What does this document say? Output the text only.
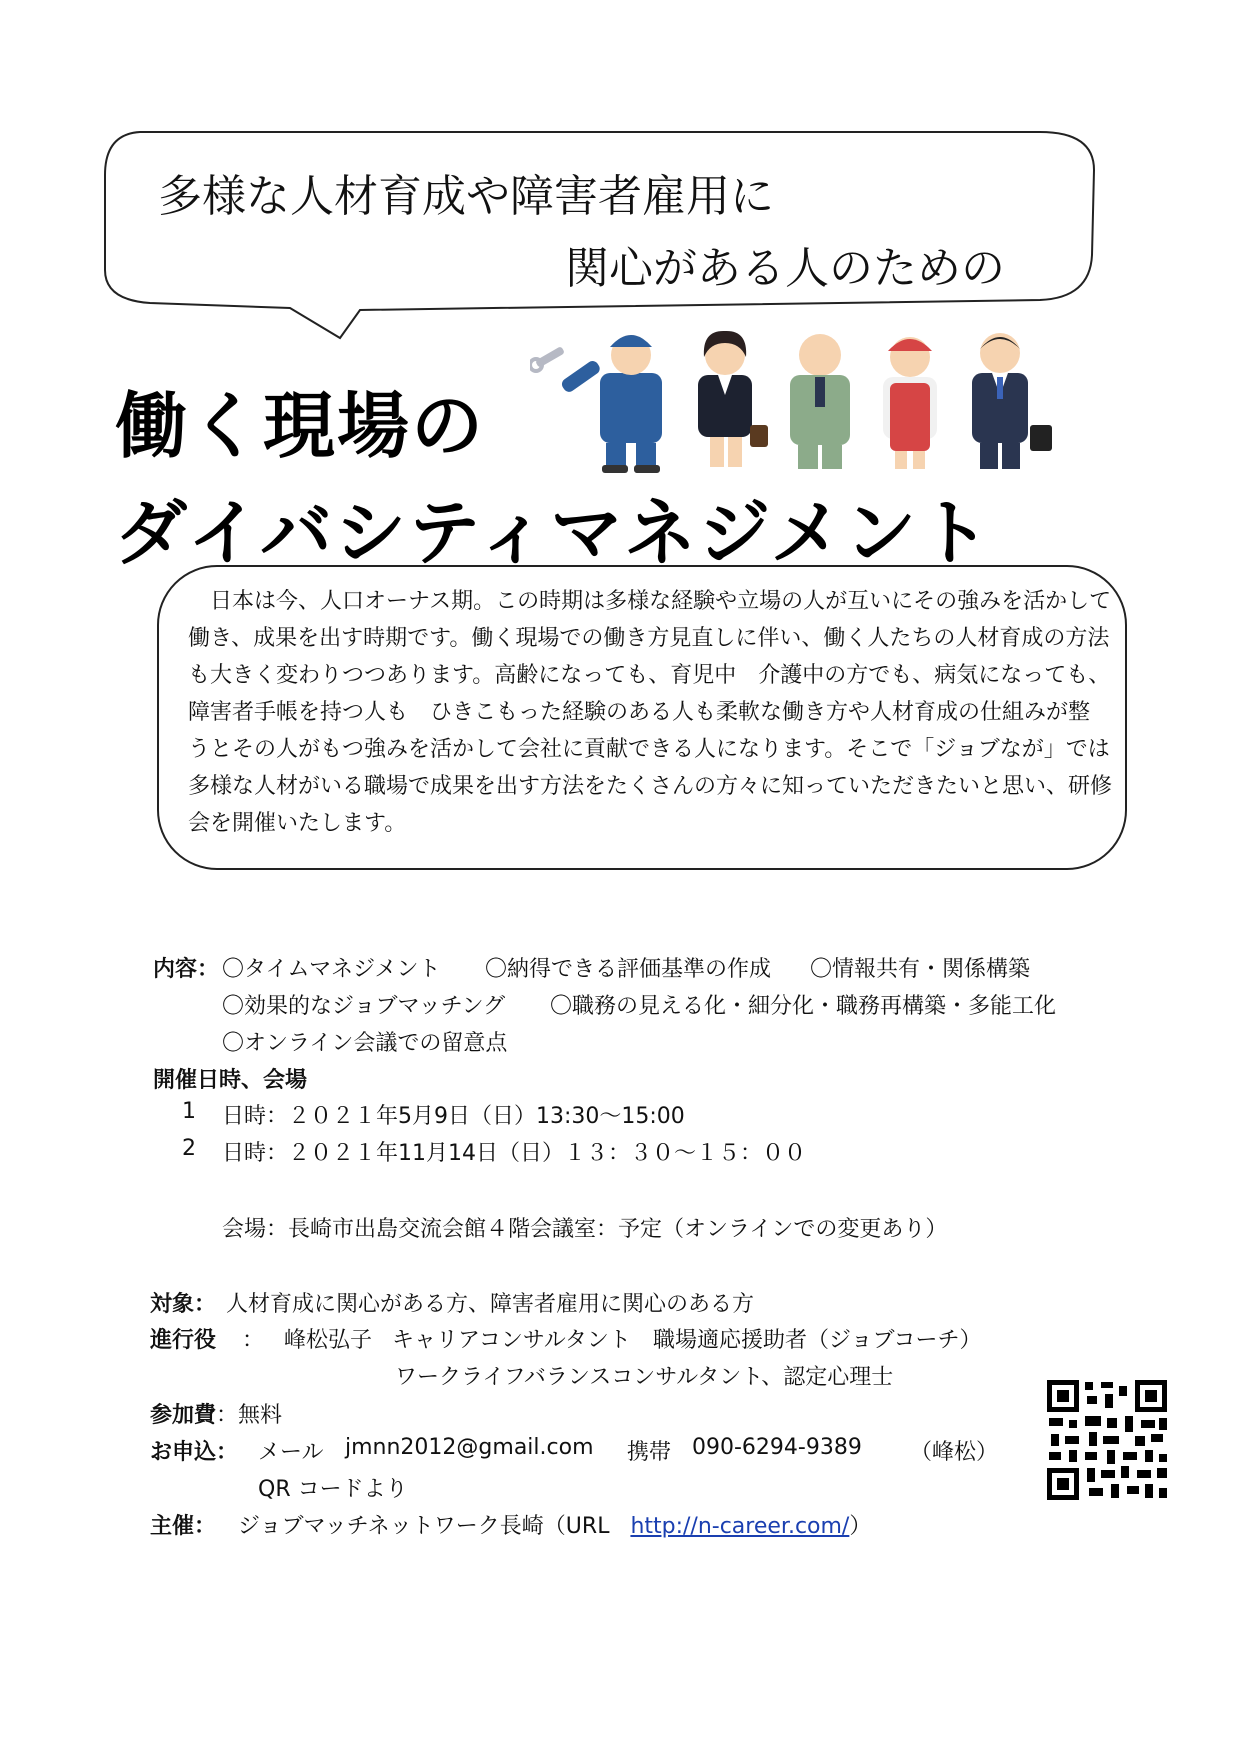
多様な人材育成や障害者雇用に
関心がある人のための
働く現場の
ダイバシティマネジメント
　日本は今、人口オーナス期。この時期は多様な経験や立場の人が互いにその強みを活かして
働き、成果を出す時期です。働く現場での働き方見直しに伴い、働く人たちの人材育成の方法
も大きく変わりつつあります。高齢になっても、育児中　介護中の方でも、病気になっても、
障害者手帳を持つ人も　ひきこもった経験のある人も柔軟な働き方や人材育成の仕組みが整
うとその人がもつ強みを活かして会社に貢献できる人になります。そこで「ジョブなが」では
多様な人材がいる職場で成果を出す方法をたくさんの方々に知っていただきたいと思い、研修
会を開催いたします。
内容： 〇タイムマネジメント 〇納得できる評価基準の作成 〇情報共有・関係構築
〇効果的なジョブマッチング 〇職務の見える化・細分化・職務再構築・多能工化
〇オンライン会議での留意点
開催日時、会場
1 日時：２０２１年5月9日（日）13:30～15:00
2 日時：２０２１年11月14日（日）１３：３０～１５：００
会場：長崎市出島交流会館４階会議室：予定（オンラインでの変更あり）
対象： 人材育成に関心がある方、障害者雇用に関心のある方
進行役 ： 峰松弘子 キャリアコンサルタント 職場適応援助者（ジョブコーチ）
ワークライフバランスコンサルタント、認定心理士
参加費：無料
お申込： メール jmnn2012@gmail.com 携帯 090-6294-9389 （峰松）
QR コードより
主催： ジョブマッチネットワーク長崎（URL http://n-career.com/）
